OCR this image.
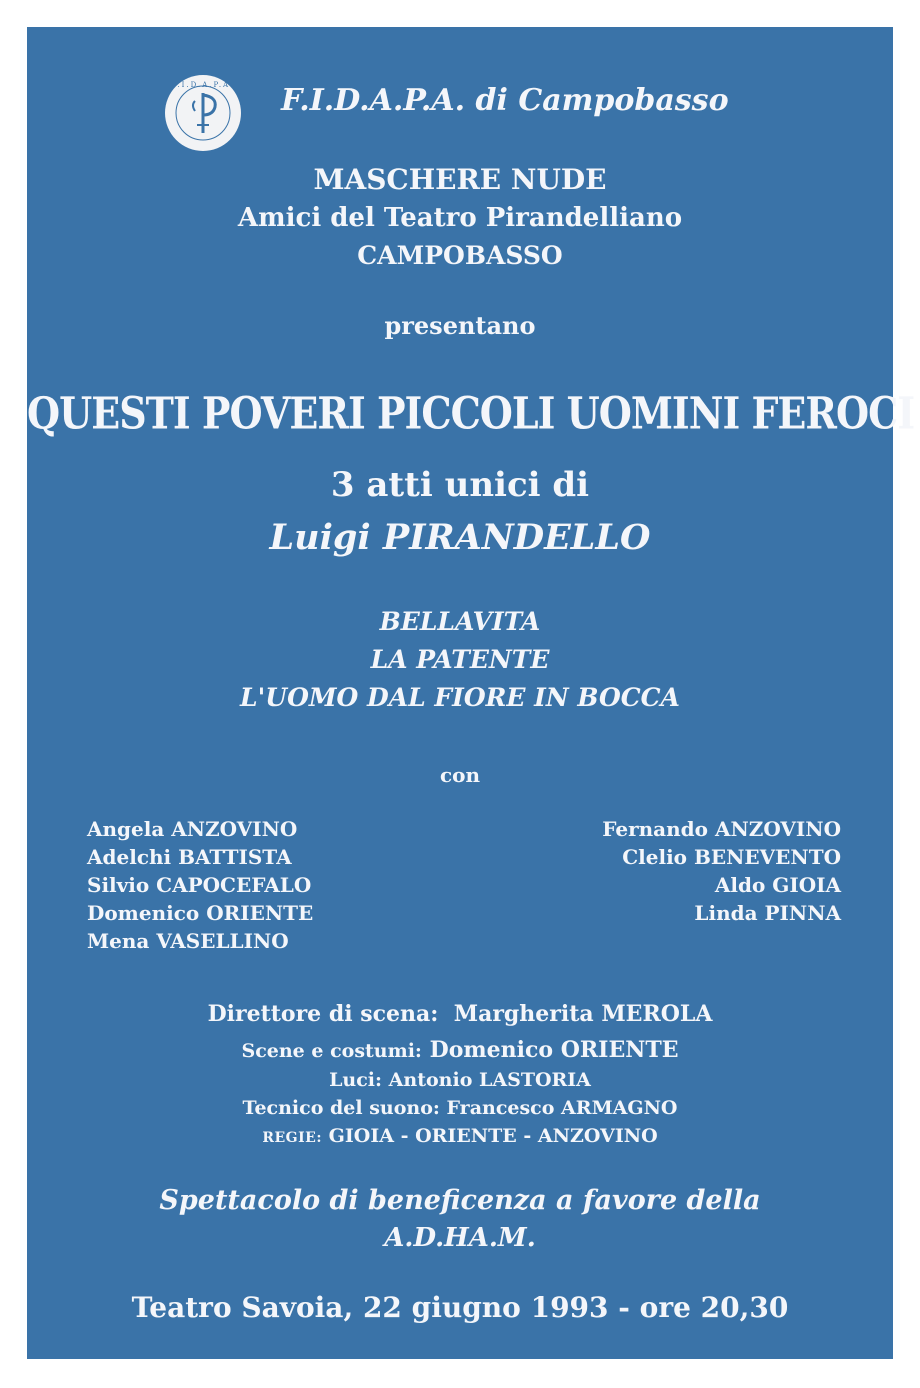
F.I.D.A.P.A. F.I.D.A.P.A. di Campobasso
MASCHERE NUDE
Amici del Teatro Pirandelliano
CAMPOBASSO
presentano
QUESTI POVERI PICCOLI UOMINI FEROCI
3 atti unici di
Luigi PIRANDELLO
BELLAVITA
LA PATENTE
L'UOMO DAL FIORE IN BOCCA
con
Angela ANZOVINO
Adelchi BATTISTA
Silvio CAPOCEFALO
Domenico ORIENTE
Mena VASELLINO
Fernando ANZOVINO
Clelio BENEVENTO
Aldo GIOIA
Linda PINNA
Direttore di scena: Margherita MEROLA
Scene e costumi: Domenico ORIENTE
Luci: Antonio LASTORIA
Tecnico del suono: Francesco ARMAGNO
REGIE: GIOIA - ORIENTE - ANZOVINO
Spettacolo di beneficenza a favore della
A.D.HA.M.
Teatro Savoia, 22 giugno 1993 - ore 20,30
